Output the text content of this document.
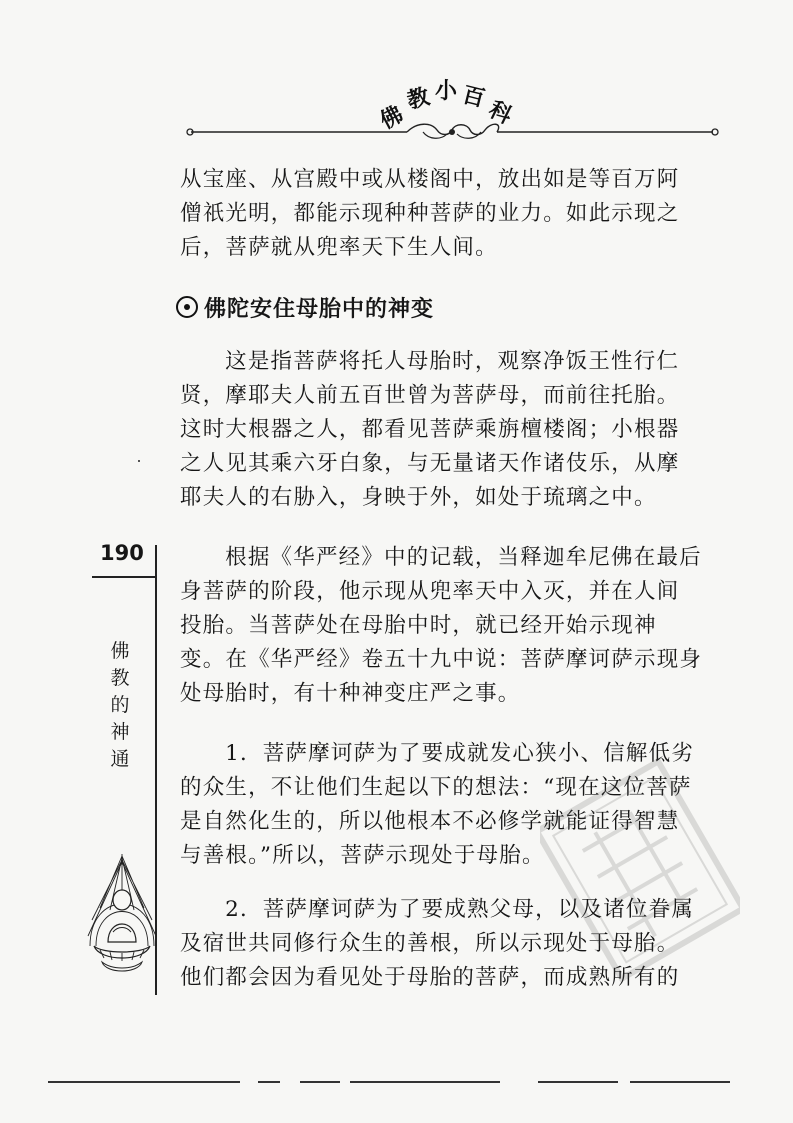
佛
教 小 百
科

从宝座、从宫殿中或从楼阁中，放出如是等百万阿

僧祇光明，都能示现种种菩萨的业力。如此示现之

后，菩萨就从兜率天下生人间。

佛陀安住母胎中的神变

这是指菩萨将托人母胎时，观察净饭王性行仁

贤，摩耶夫人前五百世曾为菩萨母，而前往托胎。

这时大根器之人，都看见菩萨乘旃檀楼阁；小根器

之人见其乘六牙白象，与无量诸天作诸伎乐，从摩

耶夫人的右胁入，身映于外，如处于琉璃之中。

根据《华严经》中的记载，当释迦牟尼佛在最后

身菩萨的阶段，他示现从兜率天中入灭，并在人间

投胎。当菩萨处在母胎中时，就已经开始示现神

变。在《华严经》卷五十九中说：菩萨摩诃萨示现身

处母胎时，有十种神变庄严之事。

1．菩萨摩诃萨为了要成就发心狭小、信解低劣

的众生，不让他们生起以下的想法：“现在这位菩萨

是自然化生的，所以他根本不必修学就能证得智慧

与善根。”所以，菩萨示现处于母胎。

2．菩萨摩诃萨为了要成熟父母，以及诸位眷属

及宿世共同修行众生的善根，所以示现处于母胎。

他们都会因为看见处于母胎的菩萨，而成熟所有的

190
佛
教
的
神
通
